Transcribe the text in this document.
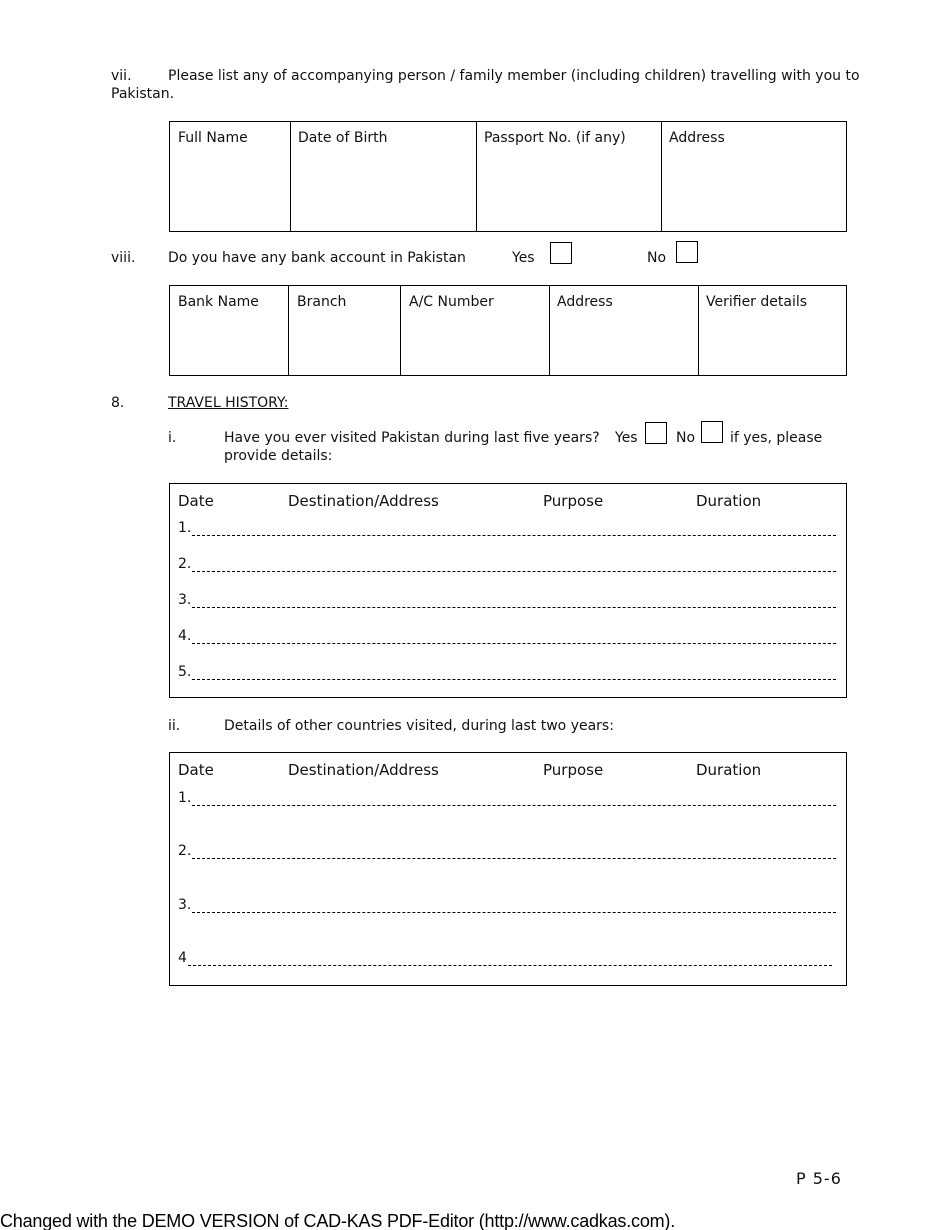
vii.	Please list any of accompanying person / family member (including children) travelling with you to
Pakistan.
Full Name	Date of Birth	Passport No. (if any)	Address
viii. Do you have any bank account in Pakistan	Yes	No
Bank Name	Branch	A/C Number	Address	Verifier details
8.	TRAVEL HISTORY:
i.	Have you ever visited Pakistan during last five years? Yes	No if yes, please
provide details:
Date	Destination/Address	Purpose	Duration
1.
2.
3.
4.
5.
ii.	Details of other countries visited, during last two years:
Date	Destination/Address	Purpose	Duration
1.
2.
3.
4
P 5-6
Changed with the DEMO VERSION of CAD-KAS PDF-Editor (http://www.cadkas.com).
